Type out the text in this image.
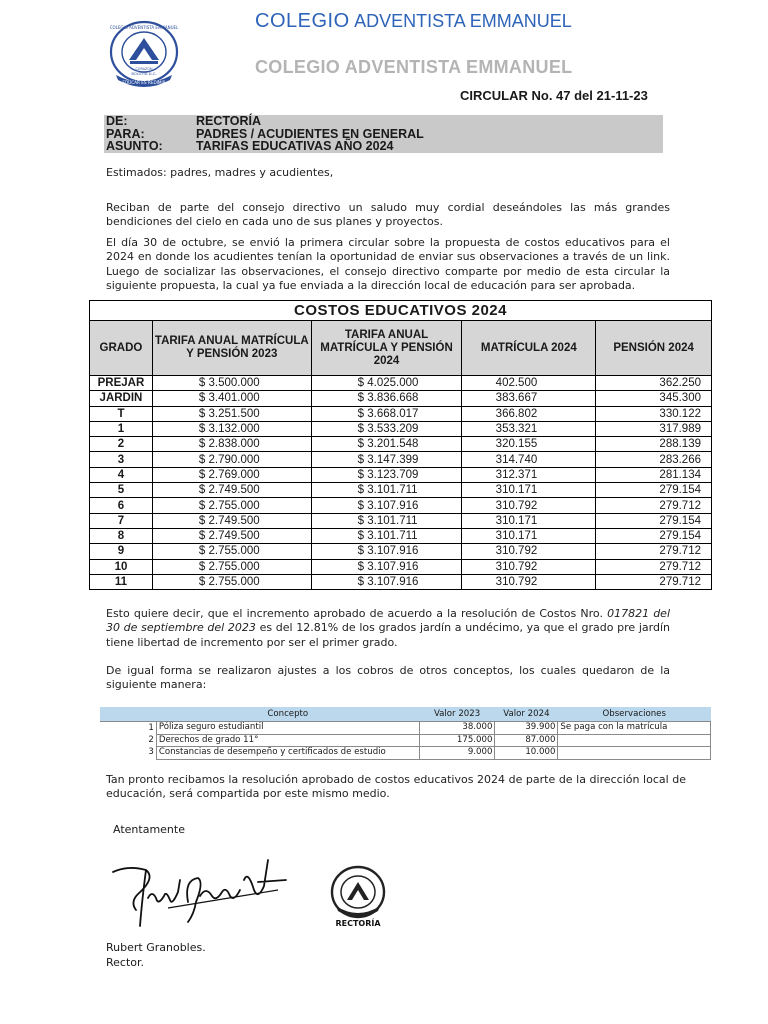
EDUCAR ES REDIMIR
COLEGIO ADVENTISTA EMMANUEL
CORAZÓN
BOGOTÁ D.C.
COLEGIO ADVENTISTA EMMANUEL
COLEGIO ADVENTISTA EMMANUEL
CIRCULAR No. 47 del 21-11-23
DE:	RECTORÍA
PARA:	PADRES / ACUDIENTES EN GENERAL
ASUNTO:	TARIFAS EDUCATIVAS AÑO 2024
Estimados: padres, madres y acudientes,
Reciban de parte del consejo directivo un saludo muy cordial deseándoles las más grandes bendiciones del cielo en cada uno de sus planes y proyectos.
El día 30 de octubre, se envió la primera circular sobre la propuesta de costos educativos para el 2024 en donde los acudientes tenían la oportunidad de enviar sus observaciones a través de un link. Luego de socializar las observaciones, el consejo directivo comparte por medio de esta circular la siguiente propuesta, la cual ya fue enviada a la dirección local de educación para ser aprobada.
COSTOS EDUCATIVOS 2024				
GRADO	TARIFA ANUAL MATRÍCULA Y PENSIÓN 2023	TARIFA ANUAL MATRÍCULA Y PENSIÓN 2024	MATRÍCULA 2024	PENSIÓN 2024
PREJAR	$ 3.500.000	$ 4.025.000	402.500	362.250
JARDIN	$ 3.401.000	$ 3.836.668	383.667	345.300
T	$ 3.251.500	$ 3.668.017	366.802	330.122
1	$ 3.132.000	$ 3.533.209	353.321	317.989
2	$ 2.838.000	$ 3.201.548	320.155	288.139
3	$ 2.790.000	$ 3.147.399	314.740	283.266
4	$ 2.769.000	$ 3.123.709	312.371	281.134
5	$ 2.749.500	$ 3.101.711	310.171	279.154
6	$ 2.755.000	$ 3.107.916	310.792	279.712
7	$ 2.749.500	$ 3.101.711	310.171	279.154
8	$ 2.749.500	$ 3.101.711	310.171	279.154
9	$ 2.755.000	$ 3.107.916	310.792	279.712
10	$ 2.755.000	$ 3.107.916	310.792	279.712
11	$ 2.755.000	$ 3.107.916	310.792	279.712
Esto quiere decir, que el incremento aprobado de acuerdo a la resolución de Costos Nro. 017821 del 30 de septiembre del 2023 es del 12.81% de los grados jardín a undécimo, ya que el grado pre jardín tiene libertad de incremento por ser el primer grado.
De igual forma se realizaron ajustes a los cobros de otros conceptos, los cuales quedaron de la siguiente manera:
	Concepto	Valor 2023	Valor 2024	Observaciones
1	Póliza seguro estudiantil	38.000	39.900	Se paga con la matrícula
2	Derechos de grado 11°	175.000	87.000	
3	Constancias de desempeño y certificados de estudio	9.000	10.000	
Tan pronto recibamos la resolución aprobado de costos educativos 2024 de parte de la dirección local de educación, será compartida por este mismo medio.
Atentamente
RECTORÍA
Rubert Granobles.
Rector.
